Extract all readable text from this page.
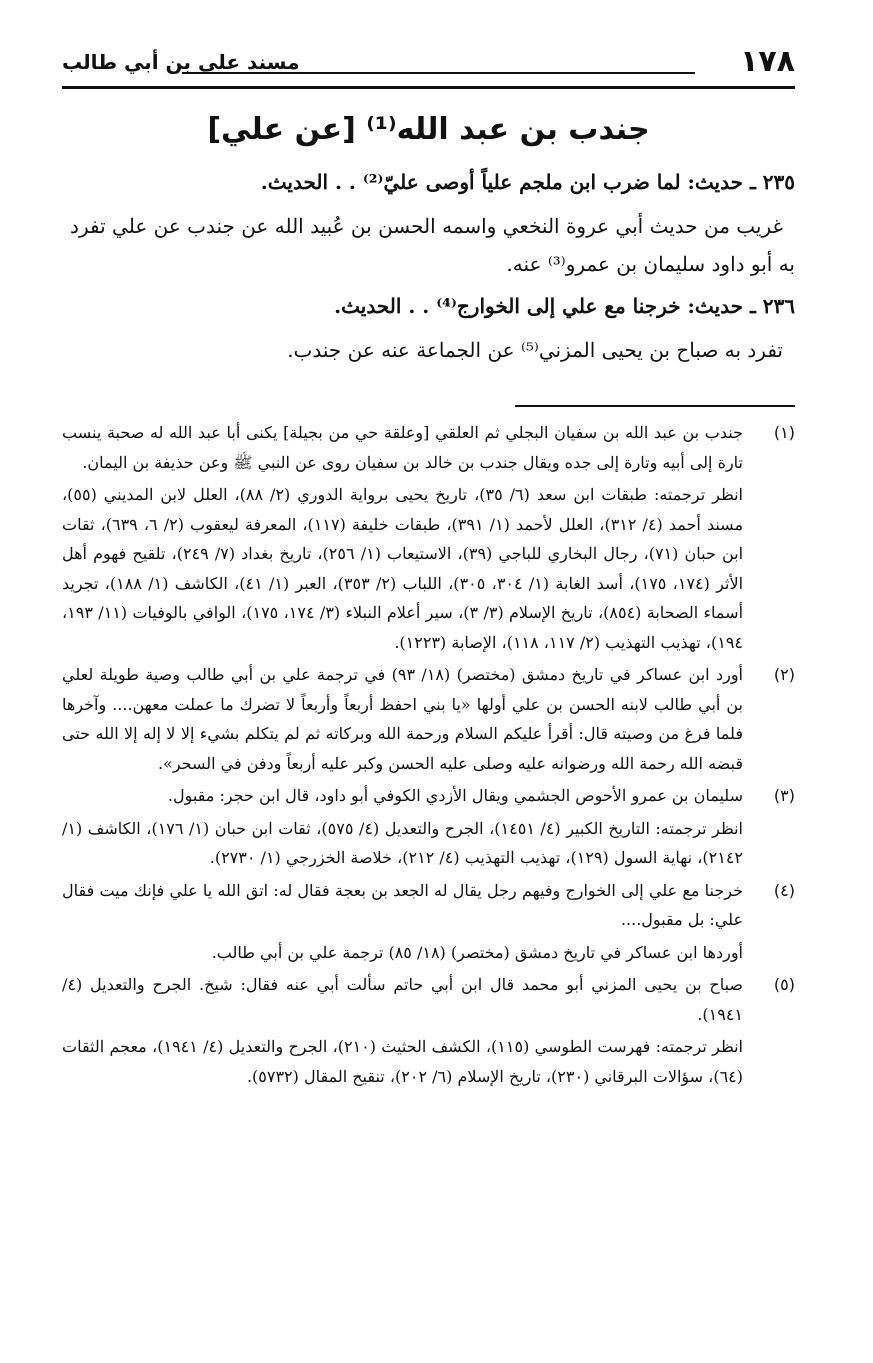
١٧٨
مسند علي بن أبي طالب
جندب بن عبد الله⁽¹⁾ [عن علي]

٢٣٥ ـ حديث: لما ضرب ابن ملجم علياً أوصى عليّ⁽²⁾ . . الحديث.

غريب من حديث أبي عروة النخعي واسمه الحسن بن عُبيد الله عن جندب عن علي تفرد به أبو داود سليمان بن عمرو⁽³⁾ عنه.

٢٣٦ ـ حديث: خرجنا مع علي إلى الخوارج⁽⁴⁾ . . الحديث.

تفرد به صباح بن يحيى المزني⁽⁵⁾ عن الجماعة عنه عن جندب.

(١)

جندب بن عبد الله بن سفيان البجلي ثم العلقي [وعلقة حي من بجيلة] يكنى أبا عبد الله له صحبة ينسب تارة إلى أبيه وتارة إلى جده ويقال جندب بن خالد بن سفيان روى عن النبي ﷺ وعن حذيفة بن اليمان.

انظر ترجمته: طبقات ابن سعد (٦/ ٣٥)، تاريخ يحيى برواية الدوري (٢/ ٨٨)، العلل لابن المديني (٥٥)، مسند أحمد (٤/ ٣١٢)، العلل لأحمد (١/ ٣٩١)، طبقات خليفة (١١٧)، المعرفة ليعقوب (٢/ ٦، ٦٣٩)، ثقات ابن حبان (٧١)، رجال البخاري للباجي (٣٩)، الاستيعاب (١/ ٢٥٦)، تاريخ بغداد (٧/ ٢٤٩)، تلقيح فهوم أهل الأثر (١٧٤، ١٧٥)، أسد الغابة (١/ ٣٠٤، ٣٠٥)، اللباب (٢/ ٣٥٣)، العبر (١/ ٤١)، الكاشف (١/ ١٨٨)، تجريد أسماء الصحابة (٨٥٤)، تاريخ الإسلام (٣/ ٣)، سير أعلام النبلاء (٣/ ١٧٤، ١٧٥)، الوافي بالوفيات (١١/ ١٩٣، ١٩٤)، تهذيب التهذيب (٢/ ١١٧، ١١٨)، الإصابة (١٢٢٣).

(٢)

أورد ابن عساكر في تاريخ دمشق (مختصر) (١٨/ ٩٣) في ترجمة علي بن أبي طالب وصية طويلة لعلي بن أبي طالب لابنه الحسن بن علي أولها «يا بني احفظ أربعاً وأربعاً لا تضرك ما عملت معهن.... وآخرها فلما فرغ من وصيته قال: أقرأ عليكم السلام ورحمة الله وبركاته ثم لم يتكلم بشيء إلا لا إله إلا الله حتى قبضه الله رحمة الله ورضوانه عليه وصلى عليه الحسن وكبر عليه أربعاً ودفن في السحر».

(٣)

سليمان بن عمرو الأحوص الجشمي ويقال الأزدي الكوفي أبو داود، قال ابن حجر: مقبول.

انظر ترجمته: التاريخ الكبير (٤/ ١٤٥١)، الجرح والتعديل (٤/ ٥٧٥)، ثقات ابن حبان (١/ ١٧٦)، الكاشف (١/ ٢١٤٢)، نهاية السول (١٢٩)، تهذيب التهذيب (٤/ ٢١٢)، خلاصة الخزرجي (١/ ٢٧٣٠).

(٤)

خرجنا مع علي إلى الخوارج وفيهم رجل يقال له الجعد بن بعجة فقال له: اتق الله يا علي فإنك ميت فقال علي: بل مقبول....

أوردها ابن عساكر في تاريخ دمشق (مختصر) (١٨/ ٨٥) ترجمة علي بن أبي طالب.

(٥)

صباح بن يحيى المزني أبو محمد قال ابن أبي حاتم سألت أبي عنه فقال: شيخ. الجرح والتعديل (٤/ ١٩٤١).

انظر ترجمته: فهرست الطوسي (١١٥)، الكشف الحثيث (٢١٠)، الجرح والتعديل (٤/ ١٩٤١)، معجم الثقات (٦٤)، سؤالات البرقاني (٢٣٠)، تاريخ الإسلام (٦/ ٢٠٢)، تنقيح المقال (٥٧٣٢).
